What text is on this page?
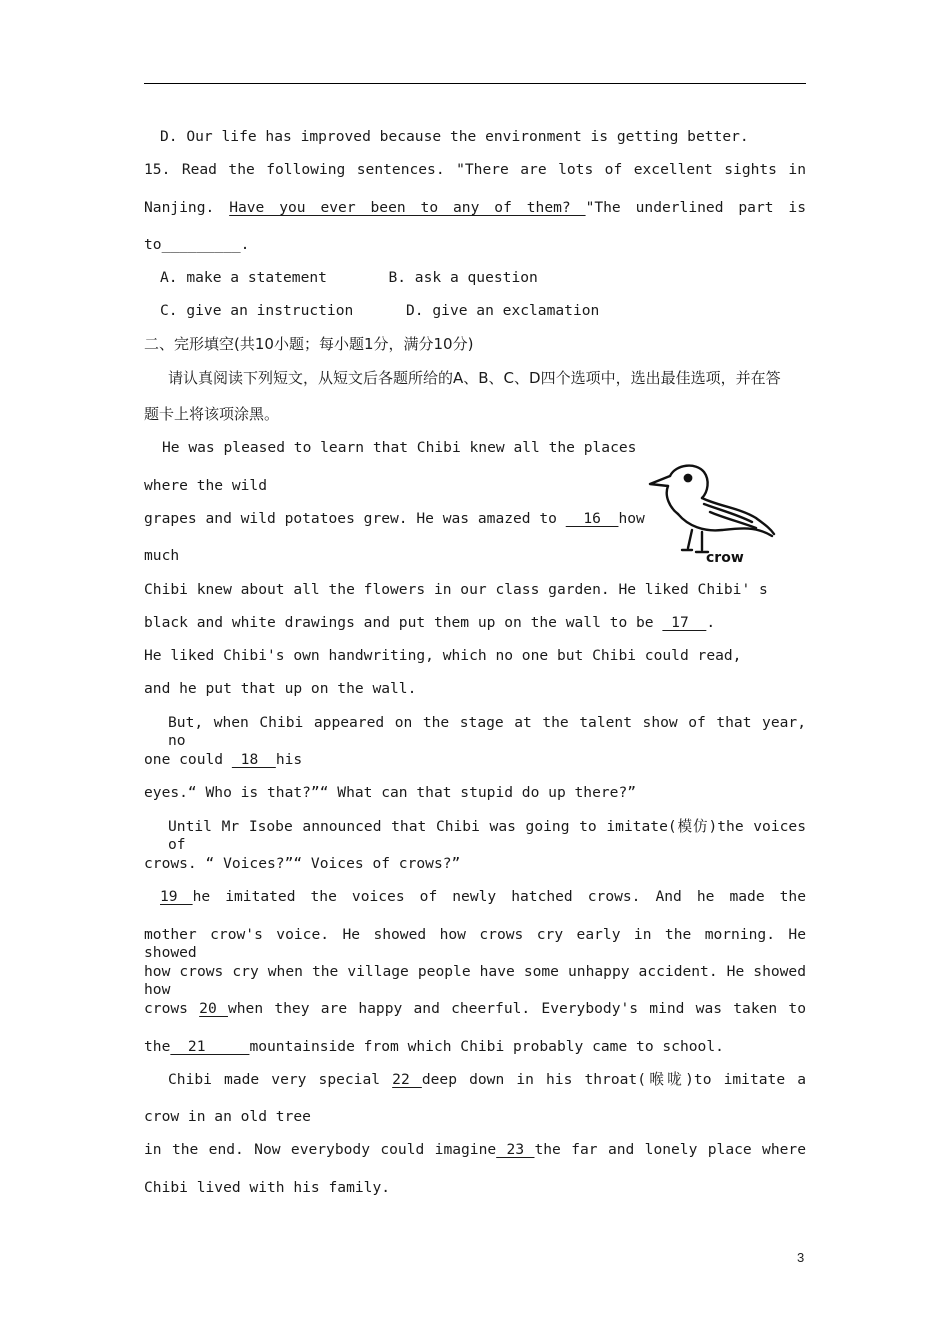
D. Our life has improved because the environment is getting better.
15. Read the following sentences. "There are lots of excellent sights in
Nanjing. Have you ever been to any of them? "The underlined part is
to_________.
A. make a statement       B. ask a question
C. give an instruction      D. give an exclamation
二、完形填空(共10小题；每小题1分，满分10分)
请认真阅读下列短文，从短文后各题所给的A、B、C、D四个选项中，选出最佳选项，并在答
题卡上将该项涂黑。
He was pleased to learn that Chibi knew all the places
where the wild
grapes and wild potatoes grew. He was amazed to   16  how
much	crow
Chibi knew about all the flowers in our class garden. He liked Chibi' s
black and white drawings and put them up on the wall to be  17  .
He liked Chibi's own handwriting, which no one but Chibi could read,
and he put that up on the wall.
But, when Chibi appeared on the stage at the talent show of that year, no
one could  18  his
eyes.“ Who is that?”“ What can that stupid do up there?”
Until Mr Isobe announced that Chibi was going to imitate(模仿)the voices of
crows. “ Voices?”“ Voices of crows?”
19 he imitated the voices of newly hatched crows. And he made the
mother crow's voice. He showed how crows cry early in the morning. He showed
how crows cry when the village people have some unhappy accident. He showed how
crows 20 when they are happy and cheerful. Everybody's mind was taken to
the  21     mountainside from which Chibi probably came to school.
Chibi made very special 22 deep down in his throat(喉咙)to imitate a
crow in an old tree
in the end. Now everybody could imagine 23 the far and lonely place where
Chibi lived with his family.
3
